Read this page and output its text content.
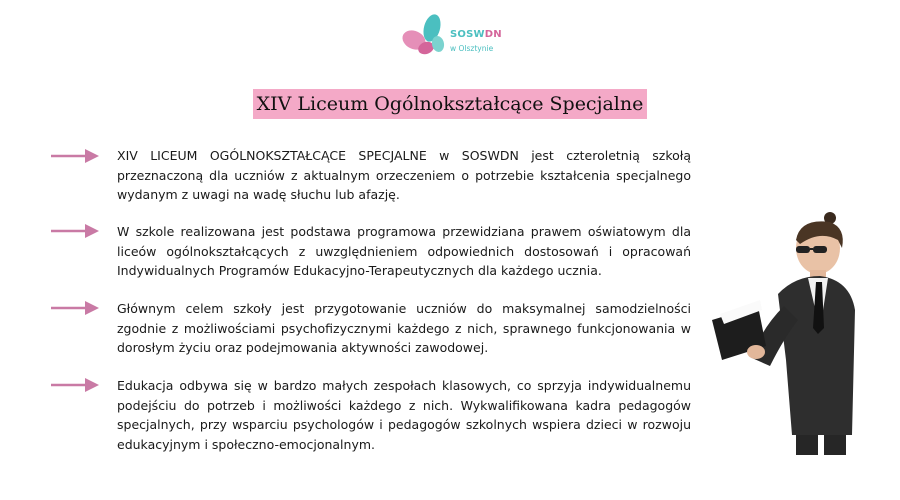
SOSWDN
w Olsztynie
XIV Liceum Ogólnokształcące Specjalne

XIV LICEUM OGÓLNOKSZTAŁCĄCE SPECJALNE w SOSWDN jest czteroletnią szkołą przeznaczoną dla uczniów z aktualnym orzeczeniem o potrzebie kształcenia specjalnego wydanym z uwagi na wadę słuchu lub afazję.

W szkole realizowana jest podstawa programowa przewidziana prawem oświatowym dla liceów ogólnokształcących z uwzględnieniem odpowiednich dostosowań i opracowań Indywidualnych Programów Edukacyjno-Terapeutycznych dla każdego ucznia.

Głównym celem szkoły jest przygotowanie uczniów do maksymalnej samodzielności zgodnie z możliwościami psychofizycznymi każdego z nich, sprawnego funkcjonowania w dorosłym życiu oraz podejmowania aktywności zawodowej.

Edukacja odbywa się w bardzo małych zespołach klasowych, co sprzyja indywidualnemu podejściu do potrzeb i możliwości każdego z nich. Wykwalifikowana kadra pedagogów specjalnych, przy wsparciu psychologów i pedagogów szkolnych wspiera dzieci w rozwoju edukacyjnym i społeczno-emocjonalnym.
